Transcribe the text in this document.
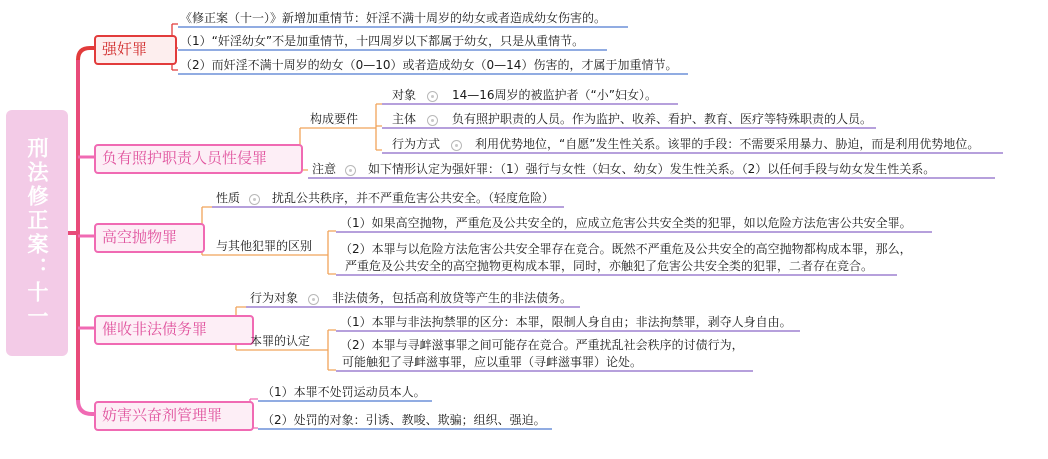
刑法修正案：十一
强奸罪
《修正案（十一）》新增加重情节：奸淫不满十周岁的幼女或者造成幼女伤害的。
（1）“奸淫幼女”不是加重情节，十四周岁以下都属于幼女，只是从重情节。
（2）而奸淫不满十周岁的幼女（0—10）或者造成幼女（0—14）伤害的，才属于加重情节。
负有照护职责人员性侵罪
构成要件
对象	14—16周岁的被监护者（“小”妇女）。
主体	负有照护职责的人员。作为监护、收养、看护、教育、医疗等特殊职责的人员。
行为方式	利用优势地位，“自愿”发生性关系。该罪的手段：不需要采用暴力、胁迫，而是利用优势地位。
注意	如下情形认定为强奸罪：（1）强行与女性（妇女、幼女）发生性关系。（2）以任何手段与幼女发生性关系。
高空抛物罪
性质	扰乱公共秩序，并不严重危害公共安全。（轻度危险）
与其他犯罪的区别
（1）如果高空抛物，严重危及公共安全的，应成立危害公共安全类的犯罪，如以危险方法危害公共安全罪。
（2）本罪与以危险方法危害公共安全罪存在竞合。既然不严重危及公共安全的高空抛物都构成本罪，那么，
严重危及公共安全的高空抛物更构成本罪，同时，亦触犯了危害公共安全类的犯罪，二者存在竞合。
催收非法债务罪
行为对象	非法债务，包括高利放贷等产生的非法债务。
本罪的认定
（1）本罪与非法拘禁罪的区分：本罪，限制人身自由；非法拘禁罪，剥夺人身自由。
（2）本罪与寻衅滋事罪之间可能存在竞合。严重扰乱社会秩序的讨债行为，
可能触犯了寻衅滋事罪，应以重罪（寻衅滋事罪）论处。
妨害兴奋剂管理罪
（1）本罪不处罚运动员本人。
（2）处罚的对象：引诱、教唆、欺骗；组织、强迫。
